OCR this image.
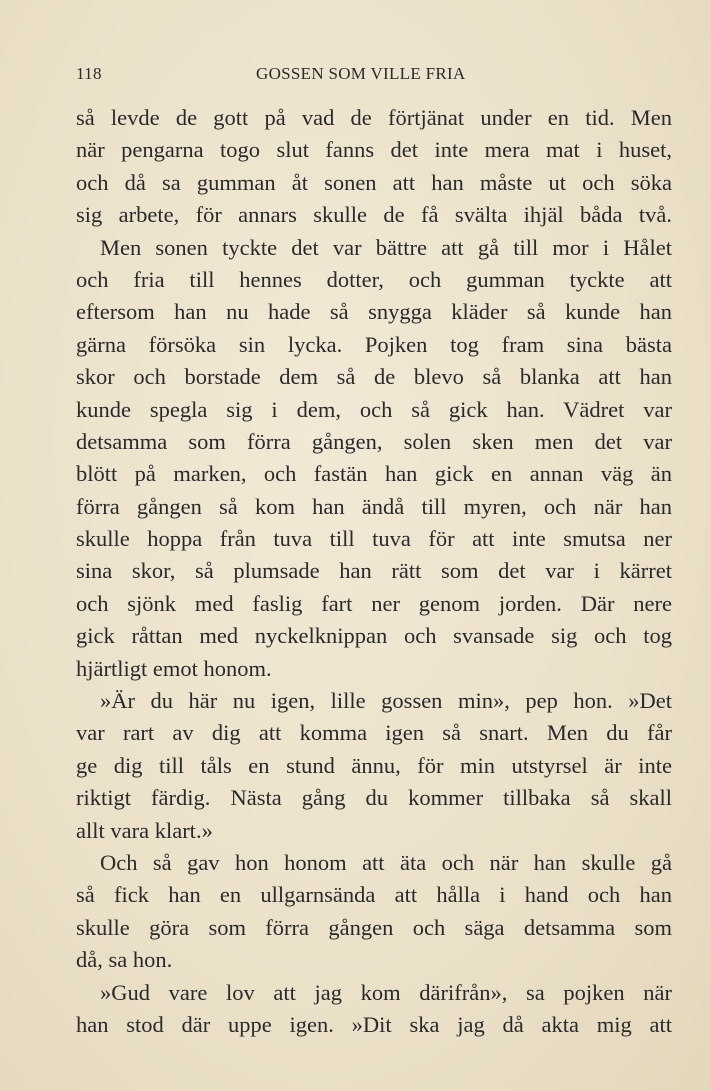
118	GOSSEN SOM VILLE FRIA
så levde de gott på vad de förtjänat under en tid. Men
när pengarna togo slut fanns det inte mera mat i huset,
och då sa gumman åt sonen att han måste ut och söka
sig arbete, för annars skulle de få svälta ihjäl båda två.
Men sonen tyckte det var bättre att gå till mor i Hålet
och fria till hennes dotter, och gumman tyckte att
eftersom han nu hade så snygga kläder så kunde han
gärna försöka sin lycka. Pojken tog fram sina bästa
skor och borstade dem så de blevo så blanka att han
kunde spegla sig i dem, och så gick han. Vädret var
detsamma som förra gången, solen sken men det var
blött på marken, och fastän han gick en annan väg än
förra gången så kom han ändå till myren, och när han
skulle hoppa från tuva till tuva för att inte smutsa ner
sina skor, så plumsade han rätt som det var i kärret
och sjönk med faslig fart ner genom jorden. Där nere
gick råttan med nyckelknippan och svansade sig och tog
hjärtligt emot honom.
»Är du här nu igen, lille gossen min», pep hon. »Det
var rart av dig att komma igen så snart. Men du får
ge dig till tåls en stund ännu, för min utstyrsel är inte
riktigt färdig. Nästa gång du kommer tillbaka så skall
allt vara klart.»
Och så gav hon honom att äta och när han skulle gå
så fick han en ullgarnsända att hålla i hand och han
skulle göra som förra gången och säga detsamma som
då, sa hon.
»Gud vare lov att jag kom därifrån», sa pojken när
han stod där uppe igen. »Dit ska jag då akta mig att
